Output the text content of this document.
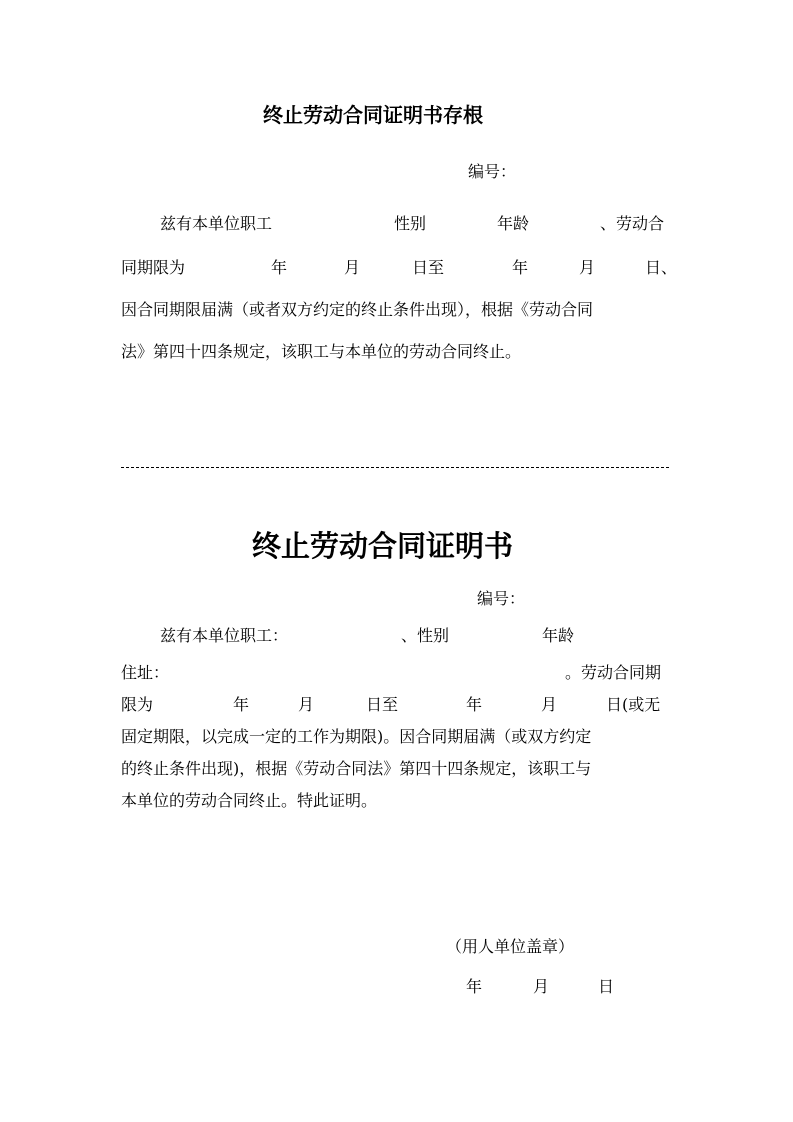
终止劳动合同证明书存根
编号：
兹有本单位职工	性别	年龄	、劳动合
同期限为	年	月	日至	年	月	日、
因合同期限届满（或者双方约定的终止条件出现），根据《劳动合同
法》第四十四条规定，该职工与本单位的劳动合同终止。
终止劳动合同证明书
编号：
兹有本单位职工：	、性别	年龄
住址：	。劳动合同期
限为	年	月	日至	年	月	日(或无
固定期限，以完成一定的工作为期限)。因合同期届满（或双方约定
的终止条件出现)，根据《劳动合同法》第四十四条规定，该职工与
本单位的劳动合同终止。特此证明。
（用人单位盖章）
年	月	日
